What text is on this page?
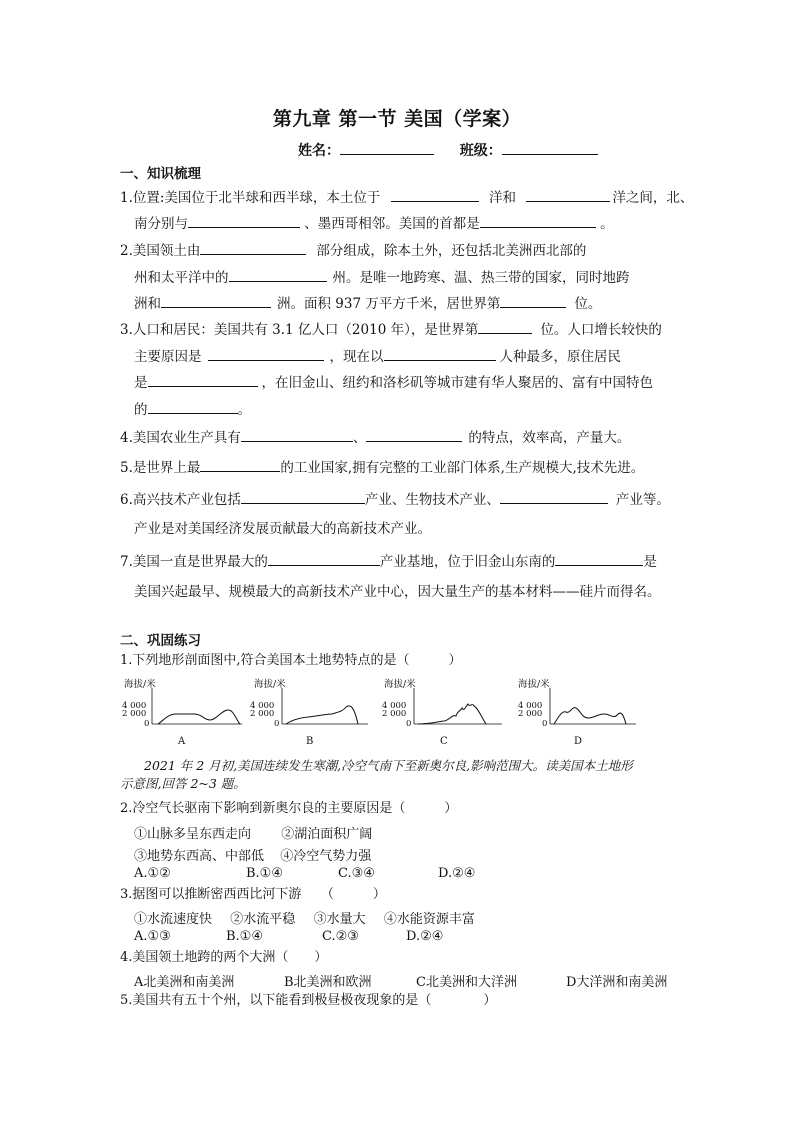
第九章 第一节 美国（学案）
姓名：	班级：
一、知识梳理
1.位置:美国位于北半球和西半球，本土位于	洋和	洋之间，北、
南分别与	、墨西哥相邻。美国的首都是	。
2.美国领土由	部分组成，除本土外，还包括北美洲西北部的
州和太平洋中的	州。是唯一地跨寒、温、热三带的国家，同时地跨
洲和	洲。面积 937 万平方千米，居世界第	位。
3.人口和居民：美国共有 3.1 亿人口（2010 年），是世界第	位。人口增长较快的
主要原因是	，现在以	人种最多，原住居民
是	，在旧金山、纽约和洛杉矶等城市建有华人聚居的、富有中国特色
的	。
4.美国农业生产具有	、	的特点，效率高，产量大。
5.是世界上最	的工业国家,拥有完整的工业部门体系,生产规模大,技术先进。
6.高兴技术产业包括	产业、生物技术产业、	产业等。
产业是对美国经济发展贡献最大的高新技术产业。
7.美国一直是世界最大的	产业基地，位于旧金山东南的	是
美国兴起最早、规模最大的高新技术产业中心，因大量生产的基本材料——硅片而得名。
二、巩固练习
1.下列地形剖面图中,符合美国本土地势特点的是（　　　）
海拔/米
4 000
2 000
0
A
海拔/米
4 000
2 000
0
B
海拔/米
4 000
2 000
0
C
海拔/米
4 000
2 000
0
D
2021 年 2 月初,美国连续发生寒潮,冷空气南下至新奥尔良,影响范围大。读美国本土地形
示意图,回答 2~3 题。
2.冷空气长驱南下影响到新奥尔良的主要原因是（　　　）
①山脉多呈东西走向 ②湖泊面积广阔
③地势东西高、中部低 ④冷空气势力强
A.①②	B.①④	C.③④	D.②④
3.据图可以推断密西西比河下游　　（　　　）
①水流速度快 ②水流平稳 ③水量大 ④水能资源丰富
A.①③	B.①④	C.②③	D.②④
4.美国领土地跨的两个大洲（　　）
A北美洲和南美洲	B北美洲和欧洲	C北美洲和大洋洲	D大洋洲和南美洲
5.美国共有五十个州，以下能看到极昼极夜现象的是（　　　　）
